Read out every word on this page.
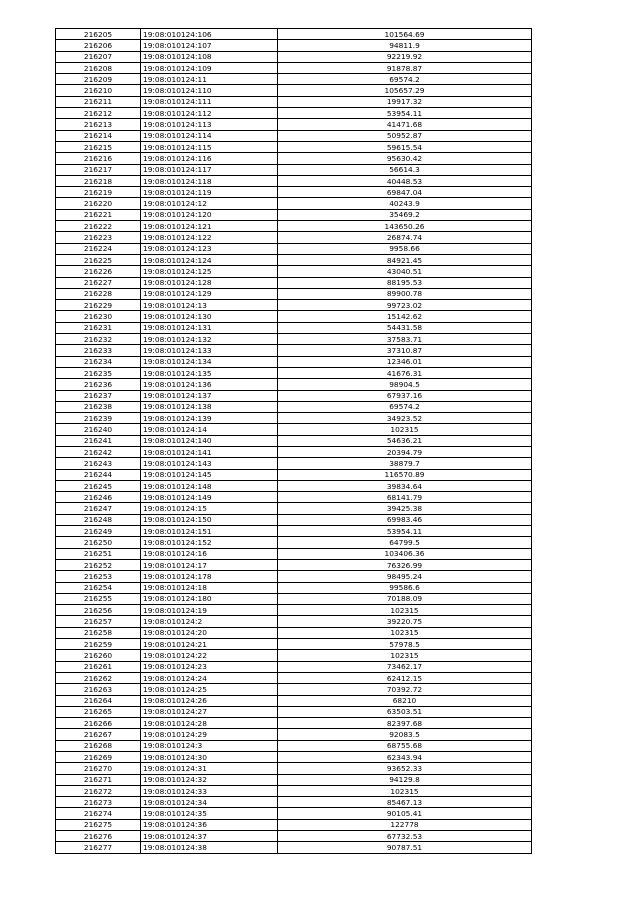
216205	19:08:010124:106	101564.69
216206	19:08:010124:107	94811.9
216207	19:08:010124:108	92219.92
216208	19:08:010124:109	91878.87
216209	19:08:010124:11	69574.2
216210	19:08:010124:110	105657.29
216211	19:08:010124:111	19917.32
216212	19:08:010124:112	53954.11
216213	19:08:010124:113	41471.68
216214	19:08:010124:114	50952.87
216215	19:08:010124:115	59615.54
216216	19:08:010124:116	95630.42
216217	19:08:010124:117	56614.3
216218	19:08:010124:118	40448.53
216219	19:08:010124:119	69847.04
216220	19:08:010124:12	40243.9
216221	19:08:010124:120	35469.2
216222	19:08:010124:121	143650.26
216223	19:08:010124:122	26874.74
216224	19:08:010124:123	9958.66
216225	19:08:010124:124	84921.45
216226	19:08:010124:125	43040.51
216227	19:08:010124:128	88195.53
216228	19:08:010124:129	89900.78
216229	19:08:010124:13	99723.02
216230	19:08:010124:130	15142.62
216231	19:08:010124:131	54431.58
216232	19:08:010124:132	37583.71
216233	19:08:010124:133	37310.87
216234	19:08:010124:134	12346.01
216235	19:08:010124:135	41676.31
216236	19:08:010124:136	98904.5
216237	19:08:010124:137	67937.16
216238	19:08:010124:138	69574.2
216239	19:08:010124:139	34923.52
216240	19:08:010124:14	102315
216241	19:08:010124:140	54636.21
216242	19:08:010124:141	20394.79
216243	19:08:010124:143	38879.7
216244	19:08:010124:145	116570.89
216245	19:08:010124:148	39834.64
216246	19:08:010124:149	68141.79
216247	19:08:010124:15	39425.38
216248	19:08:010124:150	69983.46
216249	19:08:010124:151	53954.11
216250	19:08:010124:152	64799.5
216251	19:08:010124:16	103406.36
216252	19:08:010124:17	76326.99
216253	19:08:010124:178	98495.24
216254	19:08:010124:18	99586.6
216255	19:08:010124:180	70188.09
216256	19:08:010124:19	102315
216257	19:08:010124:2	39220.75
216258	19:08:010124:20	102315
216259	19:08:010124:21	57978.5
216260	19:08:010124:22	102315
216261	19:08:010124:23	73462.17
216262	19:08:010124:24	62412.15
216263	19:08:010124:25	70392.72
216264	19:08:010124:26	68210
216265	19:08:010124:27	63503.51
216266	19:08:010124:28	82397.68
216267	19:08:010124:29	92083.5
216268	19:08:010124:3	68755.68
216269	19:08:010124:30	62343.94
216270	19:08:010124:31	93652.33
216271	19:08:010124:32	94129.8
216272	19:08:010124:33	102315
216273	19:08:010124:34	85467.13
216274	19:08:010124:35	90105.41
216275	19:08:010124:36	122778
216276	19:08:010124:37	67732.53
216277	19:08:010124:38	90787.51
